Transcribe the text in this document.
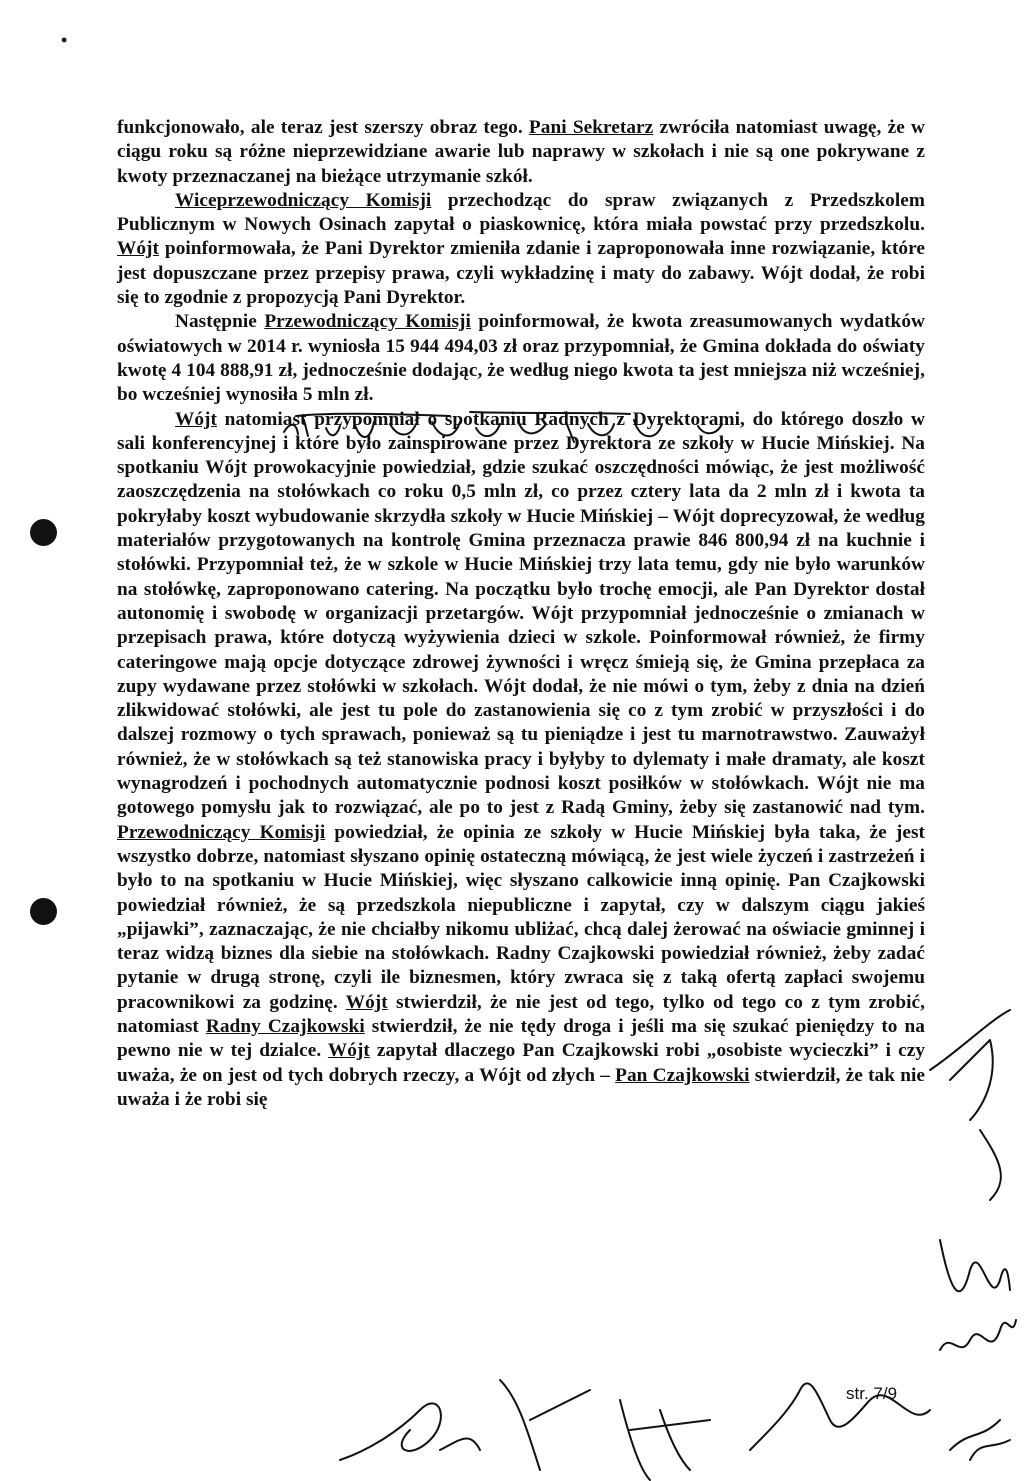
•

funkcjonowało, ale teraz jest szerszy obraz tego. Pani Sekretarz zwróciła natomiast uwagę, że w ciągu roku są różne nieprzewidziane awarie lub naprawy w szkołach i nie są one pokrywane z kwoty przeznaczanej na bieżące utrzymanie szkół.

Wiceprzewodniczący Komisji przechodząc do spraw związanych z Przedszkolem Publicznym w Nowych Osinach zapytał o piaskownicę, która miała powstać przy przedszkolu. Wójt poinformowała, że Pani Dyrektor zmieniła zdanie i zaproponowała inne rozwiązanie, które jest dopuszczane przez przepisy prawa, czyli wykładzinę i maty do zabawy. Wójt dodał, że robi się to zgodnie z propozycją Pani Dyrektor.

Następnie Przewodniczący Komisji poinformował, że kwota zreasumowanych wydatków oświatowych w 2014 r. wyniosła 15 944 494,03 zł oraz przypomniał, że Gmina dokłada do oświaty kwotę 4 104 888,91 zł, jednocześnie dodając, że według niego kwota ta jest mniejsza niż wcześniej, bo wcześniej wynosiła 5 mln zł.

Wójt natomiast przypomniał o spotkaniu Radnych z Dyrektorami, do którego doszło w sali konferencyjnej i które było zainspirowane przez Dyrektora ze szkoły w Hucie Mińskiej. Na spotkaniu Wójt prowokacyjnie powiedział, gdzie szukać oszczędności mówiąc, że jest możliwość zaoszczędzenia na stołówkach co roku 0,5 mln zł, co przez cztery lata da 2 mln zł i kwota ta pokryłaby koszt wybudowanie skrzydła szkoły w Hucie Mińskiej – Wójt doprecyzował, że według materiałów przygotowanych na kontrolę Gmina przeznacza prawie 846 800,94 zł na kuchnie i stołówki. Przypomniał też, że w szkole w Hucie Mińskiej trzy lata temu, gdy nie było warunków na stołówkę, zaproponowano catering. Na początku było trochę emocji, ale Pan Dyrektor dostał autonomię i swobodę w organizacji przetargów. Wójt przypomniał jednocześnie o zmianach w przepisach prawa, które dotyczą wyżywienia dzieci w szkole. Poinformował również, że firmy cateringowe mają opcje dotyczące zdrowej żywności i wręcz śmieją się, że Gmina przepłaca za zupy wydawane przez stołówki w szkołach. Wójt dodał, że nie mówi o tym, żeby z dnia na dzień zlikwidować stołówki, ale jest tu pole do zastanowienia się co z tym zrobić w przyszłości i do dalszej rozmowy o tych sprawach, ponieważ są tu pieniądze i jest tu marnotrawstwo. Zauważył również, że w stołówkach są też stanowiska pracy i byłyby to dylematy i małe dramaty, ale koszt wynagrodzeń i pochodnych automatycznie podnosi koszt posiłków w stołówkach. Wójt nie ma gotowego pomysłu jak to rozwiązać, ale po to jest z Radą Gminy, żeby się zastanowić nad tym. Przewodniczący Komisji powiedział, że opinia ze szkoły w Hucie Mińskiej była taka, że jest wszystko dobrze, natomiast słyszano opinię ostateczną mówiącą, że jest wiele życzeń i zastrzeżeń i było to na spotkaniu w Hucie Mińskiej, więc słyszano calkowicie inną opinię. Pan Czajkowski powiedział również, że są przedszkola niepubliczne i zapytał, czy w dalszym ciągu jakieś „pijawki”, zaznaczając, że nie chciałby nikomu ubliżać, chcą dalej żerować na oświacie gminnej i teraz widzą biznes dla siebie na stołówkach. Radny Czajkowski powiedział również, żeby zadać pytanie w drugą stronę, czyli ile biznesmen, który zwraca się z taką ofertą zapłaci swojemu pracownikowi za godzinę. Wójt stwierdził, że nie jest od tego, tylko od tego co z tym zrobić, natomiast Radny Czajkowski stwierdził, że nie tędy droga i jeśli ma się szukać pieniędzy to na pewno nie w tej dzialce. Wójt zapytał dlaczego Pan Czajkowski robi „osobiste wycieczki” i czy uważa, że on jest od tych dobrych rzeczy, a Wójt od złych – Pan Czajkowski stwierdził, że tak nie uważa i że robi się

str. 7/9
